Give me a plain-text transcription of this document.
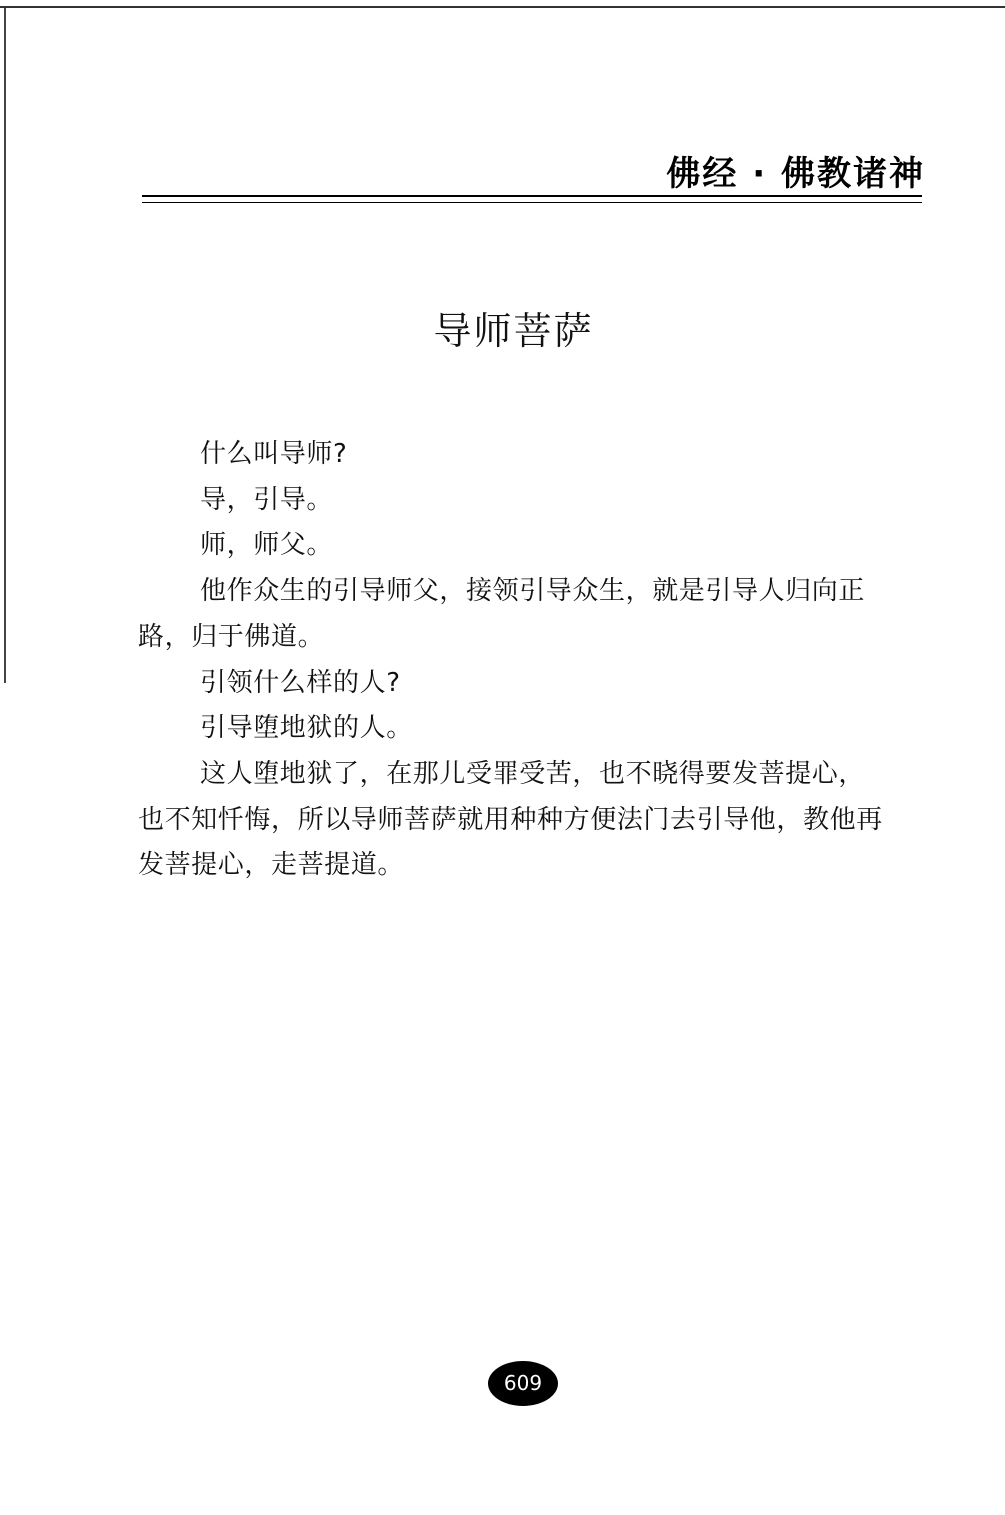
佛经 · 佛教诸神
导师菩萨

什么叫导师?

导，引导。

师，师父。

他作众生的引导师父，接领引导众生，就是引导人归向正路，归于佛道。

引领什么样的人?

引导堕地狱的人。

这人堕地狱了，在那儿受罪受苦，也不晓得要发菩提心，也不知忏悔，所以导师菩萨就用种种方便法门去引导他，教他再发菩提心，走菩提道。

609
